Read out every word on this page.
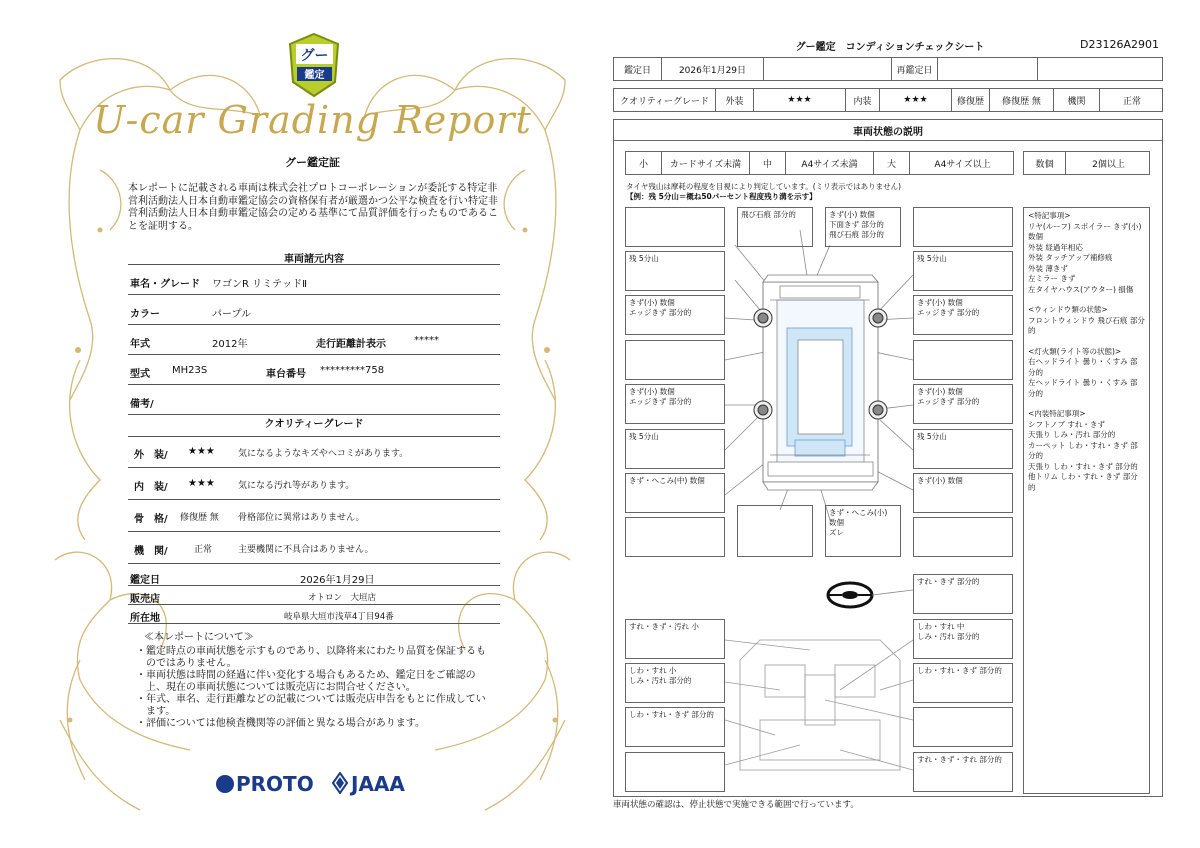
グー
鑑定
U-car Grading Report
グー鑑定証
本レポートに記載される車両は株式会社プロトコーポレーションが委託する特定非営利活動法人日本自動車鑑定協会の資格保有者が厳選かつ公平な検査を行い特定非営利活動法人日本自動車鑑定協会の定める基準にて品質評価を行ったものであることを証明する。
車両諸元内容
車名・グレード ワゴンR リミテッドⅡ
カラー	パープル
年式	2012年	走行距離計表示	*****
型式 MH23S	車台番号 *********758
備考/
クオリティーグレード
外　装/ ★★★	気になるようなキズやヘコミがあります。
内　装/ ★★★	気になる汚れ等があります。
骨　格/ 修復歴 無 骨格部位に異常はありません。
機　関/	正常	主要機関に不具合はありません。
鑑定日	2026年1月29日
販売店	オトロン　大垣店
所在地	岐阜県大垣市浅草4丁目94番
≪本レポートについて≫
・鑑定時点の車両状態を示すものであり、以降将来にわたり品質を保証するものではありません。
・車両状態は時間の経過に伴い変化する場合もあるため、鑑定日をご確認の上、現在の車両状態については販売店にお問合せください。
・年式、車名、走行距離などの記載については販売店申告をもとに作成しています。
・評価については他検査機関等の評価と異なる場合があります。
PROTO	JAAA
グー鑑定　コンディションチェックシート	D23126A2901
鑑定日	2026年1月29日	再鑑定日
クオリティーグレード	外装	★★★	内装	★★★	修復歴	修復歴 無	機関	正常
車両状態の説明
小	カードサイズ未満	中	A4サイズ未満	大	A4サイズ以上	数個	2個以上
タイヤ残山は摩耗の程度を目視により判定しています。(ミリ表示ではありません)
【例：残 5分山＝概ね50パーセント程度残り溝を示す】
飛び石痕 部分的	きず(小) 数個
下面きず 部分的
飛び石痕 部分的
残 5分山	残 5分山
きず(小) 数個
エッジきず 部分的
きず(小) 数個
エッジきず 部分的
きず(小) 数個
エッジきず 部分的
きず(小) 数個
エッジきず 部分的
残 5分山	残 5分山
きず・へこみ(中) 数個	きず(小) 数個
きず・へこみ(小) 数個
ズレ
<特記事項>
リヤ(ルーフ) スポイラー きず(小) 数個
外装 経過年相応
外装 タッチアップ補修痕
外装 薄きず
左ミラー きず
左タイヤハウス(アウター) 損傷
<ウィンドウ類の状態>
フロントウィンドウ 飛び石痕 部分的
<灯火類(ライト等の状態)>
右ヘッドライト 曇り・くすみ 部分的
左ヘッドライト 曇り・くすみ 部分的
<内装特記事項>
シフトノブ すれ・きず
天張り しみ・汚れ 部分的
カーペット しわ・すれ・きず 部分的
天張り しわ・すれ・きず 部分的
他トリム しわ・すれ・きず 部分的
すれ・きず 部分的
すれ・きず・汚れ 小	しわ・すれ 中
しみ・汚れ 部分的
しわ・すれ 小
しみ・汚れ 部分的
しわ・すれ・きず 部分的
しわ・すれ・きず 部分的
すれ・きず・すれ 部分的
車両状態の確認は、停止状態で実施できる範囲で行っています。
